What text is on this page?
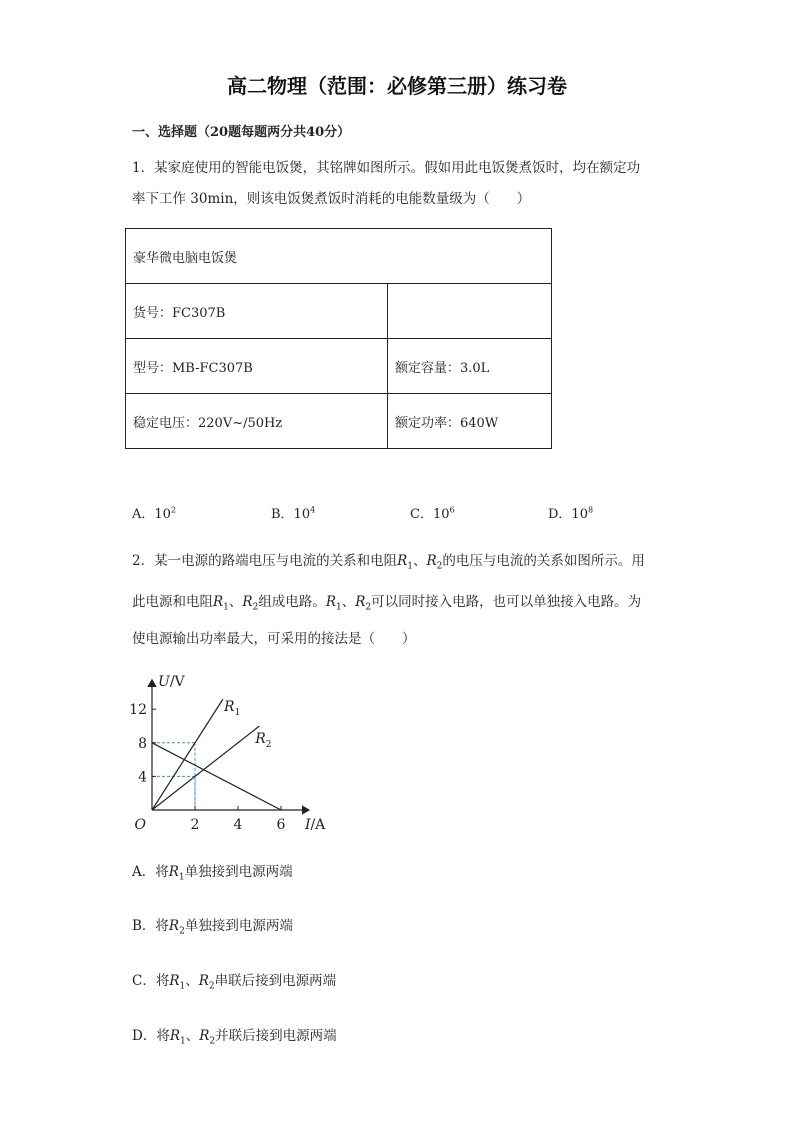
高二物理（范围：必修第三册）练习卷
一、选择题（20题每题两分共40分）
1．某家庭使用的智能电饭煲，其铭牌如图所示。假如用此电饭煲煮饭时，均在额定功
率下工作 30min，则该电饭煲煮饭时消耗的电能数量级为（　　）
豪华微电脑电饭煲	
货号：FC307B	
型号：MB-FC307B	额定容量：3.0L
稳定电压：220V~/50Hz	额定功率：640W
A．$10^2$	B．$10^4$	C．$10^6$	D．$10^8$
2．某一电源的路端电压与电流的关系和电阻$R_1$、$R_2$的电压与电流的关系如图所示。用
此电源和电阻$R_1$、$R_2$组成电路。$R_1$、$R_2$可以同时接入电路，也可以单独接入电路。为
使电源输出功率最大，可采用的接法是（　　）
$R_1$
$R_2$
2 4 6
4
8
12
O
U/V
I/A
A．将$R_1$单独接到电源两端
B．将$R_2$单独接到电源两端
C．将$R_1$、$R_2$串联后接到电源两端
D．将$R_1$、$R_2$并联后接到电源两端
